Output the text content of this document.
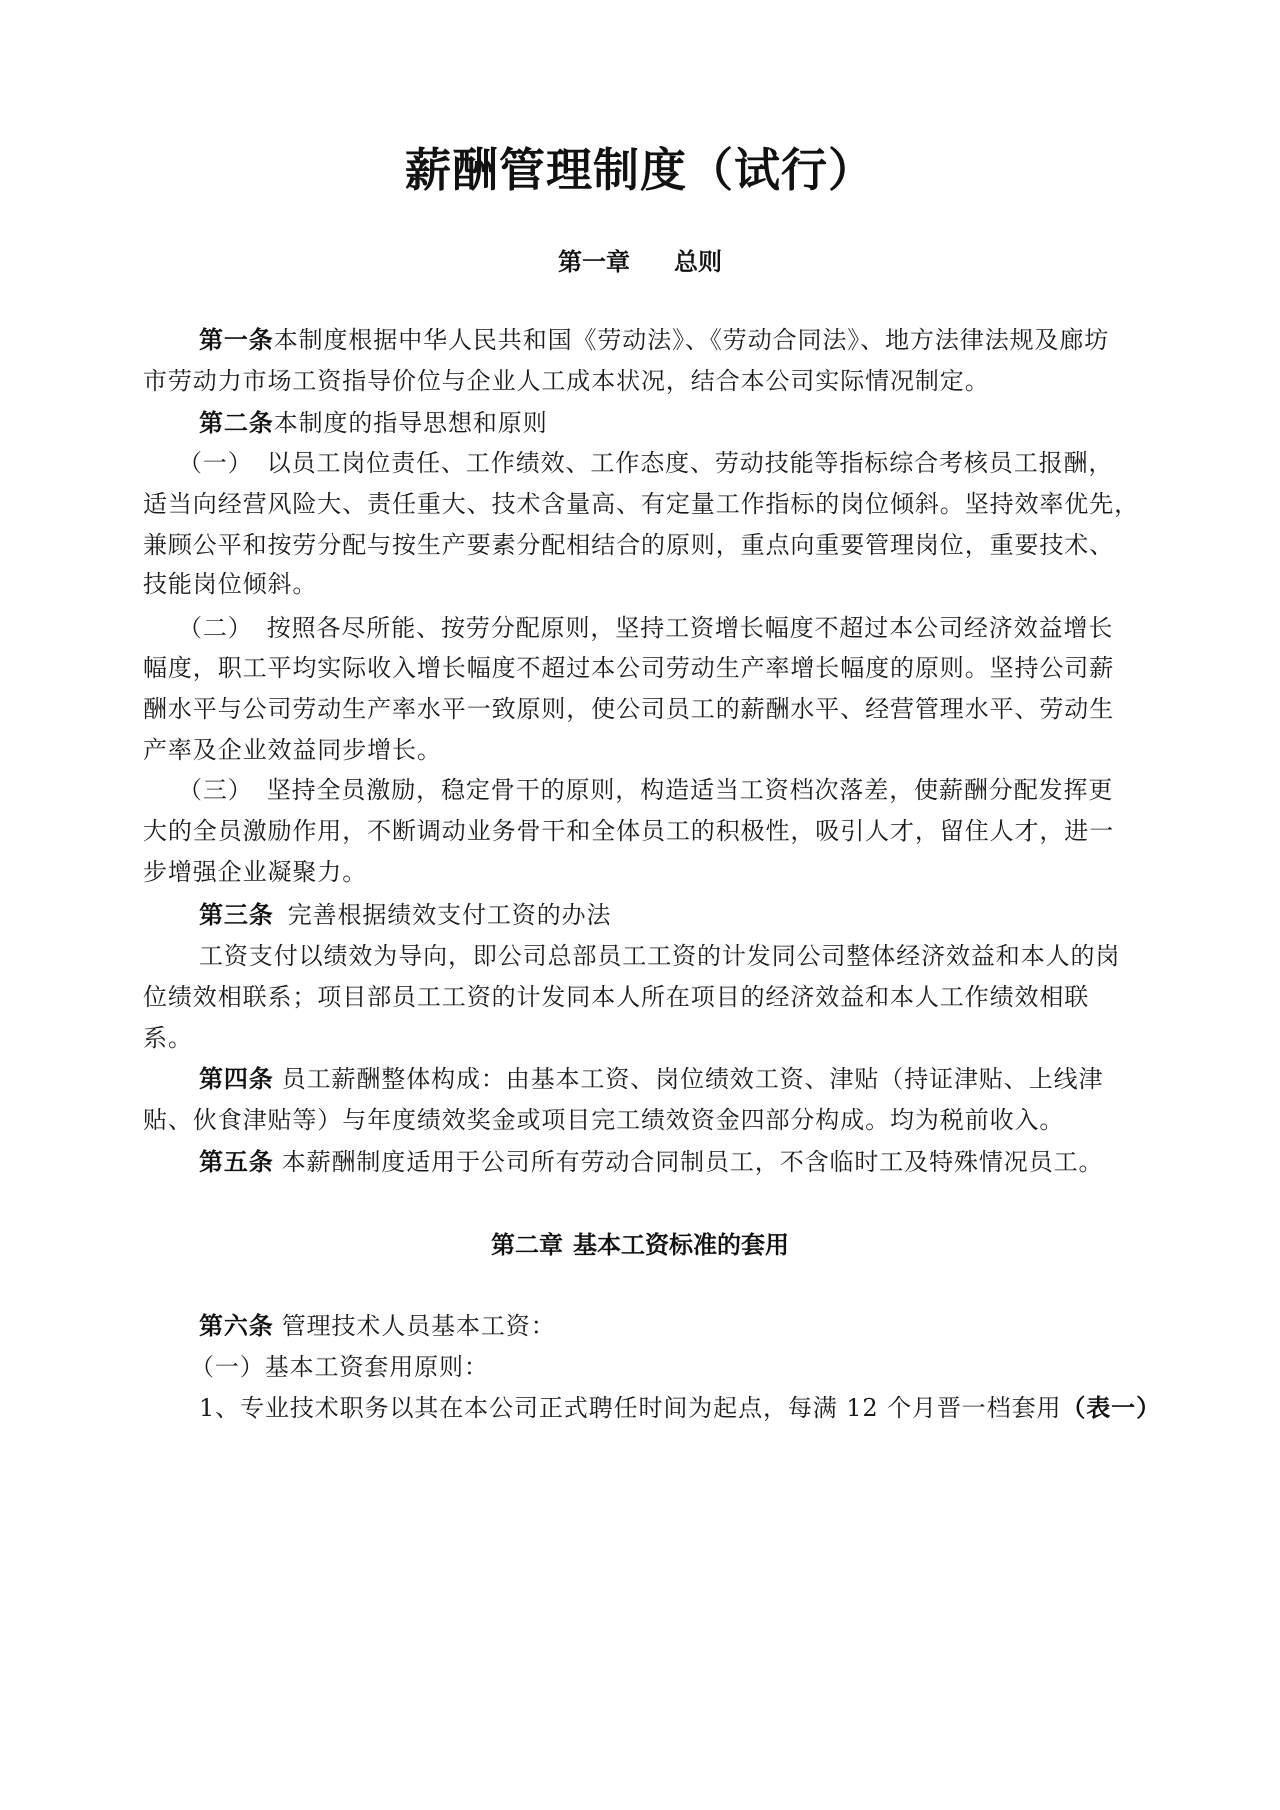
薪酬管理制度（试行）
第一章 总则
第一条本制度根据中华人民共和国《劳动法》、《劳动合同法》、地方法律法规及廊坊
市劳动力市场工资指导价位与企业人工成本状况，结合本公司实际情况制定。
第二条本制度的指导思想和原则
（一） 以员工岗位责任、工作绩效、工作态度、劳动技能等指标综合考核员工报酬，
适当向经营风险大、责任重大、技术含量高、有定量工作指标的岗位倾斜。坚持效率优先，
兼顾公平和按劳分配与按生产要素分配相结合的原则，重点向重要管理岗位，重要技术、
技能岗位倾斜。
（二） 按照各尽所能、按劳分配原则，坚持工资增长幅度不超过本公司经济效益增长
幅度，职工平均实际收入增长幅度不超过本公司劳动生产率增长幅度的原则。坚持公司薪
酬水平与公司劳动生产率水平一致原则，使公司员工的薪酬水平、经营管理水平、劳动生
产率及企业效益同步增长。
（三） 坚持全员激励，稳定骨干的原则，构造适当工资档次落差，使薪酬分配发挥更
大的全员激励作用，不断调动业务骨干和全体员工的积极性，吸引人才，留住人才，进一
步增强企业凝聚力。
第三条 完善根据绩效支付工资的办法
工资支付以绩效为导向，即公司总部员工工资的计发同公司整体经济效益和本人的岗
位绩效相联系；项目部员工工资的计发同本人所在项目的经济效益和本人工作绩效相联
系。
第四条 员工薪酬整体构成：由基本工资、岗位绩效工资、津贴（持证津贴、上线津
贴、伙食津贴等）与年度绩效奖金或项目完工绩效资金四部分构成。均为税前收入。
第五条 本薪酬制度适用于公司所有劳动合同制员工，不含临时工及特殊情况员工。
第二章 基本工资标准的套用
第六条 管理技术人员基本工资：
（一）基本工资套用原则：
1、专业技术职务以其在本公司正式聘任时间为起点，每满 12 个月晋一档套用（表一）
